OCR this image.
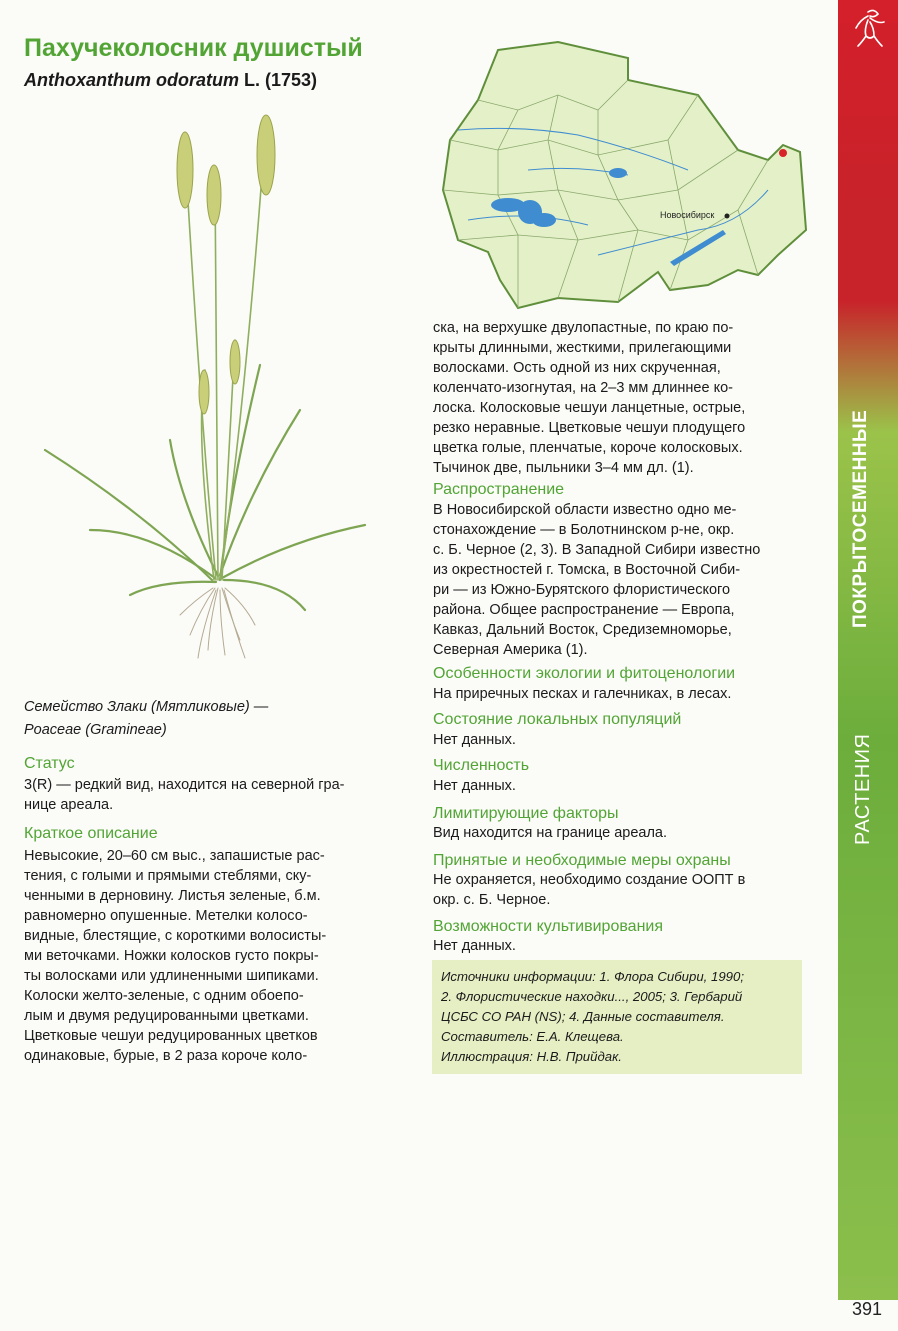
Пахучеколосник душистый
Anthoxanthum odoratum L. (1753)
Новосибирск
Семейство Злаки (Мятликовые) —
Poaceae (Gramineae)
Статус
3(R) — редкий вид, находится на северной гра-
нице ареала.
Краткое описание
Невысокие, 20–60 см выс., запашистые рас-
тения, с голыми и прямыми стеблями, ску-
ченными в дерновину. Листья зеленые, б.м.
равномерно опушенные. Метелки колосо-
видные, блестящие, с короткими волосисты-
ми веточками. Ножки колосков густо покры-
ты волосками или удлиненными шипиками.
Колоски желто-зеленые, с одним обоепо-
лым и двумя редуцированными цветками.
Цветковые чешуи редуцированных цветков
одинаковые, бурые, в 2 раза короче коло-
ска, на верхушке двулопастные, по краю по-
крыты длинными, жесткими, прилегающими
волосками. Ость одной из них скрученная,
коленчато-изогнутая, на 2–3 мм длиннее ко-
лоска. Колосковые чешуи ланцетные, острые,
резко неравные. Цветковые чешуи плодущего
цветка голые, пленчатые, короче колосковых.
Тычинок две, пыльники 3–4 мм дл. (1).
Распространение
В Новосибирской области известно одно ме-
стонахождение — в Болотнинском р-не, окр.
с. Б. Черное (2, 3). В Западной Сибири известно
из окрестностей г. Томска, в Восточной Сиби-
ри — из Южно-Бурятского флористического
района. Общее распространение — Европа,
Кавказ, Дальний Восток, Средиземноморье,
Северная Америка (1).
Особенности экологии и фитоценологии
На приречных песках и галечниках, в лесах.
Состояние локальных популяций
Нет данных.
Численность
Нет данных.
Лимитирующие факторы
Вид находится на границе ареала.
Принятые и необходимые меры охраны
Не охраняется, необходимо создание ООПТ в
окр. с. Б. Черное.
Возможности культивирования
Нет данных.
Источники информации: 1. Флора Сибири, 1990;
2. Флористические находки..., 2005; 3. Гербарий
ЦСБС СО РАН (NS); 4. Данные составителя.
Составитель: Е.А. Клещева.
Иллюстрация: Н.В. Прийдак.
ПОКРЫТОСЕМЕННЫЕ
РАСТЕНИЯ
391
